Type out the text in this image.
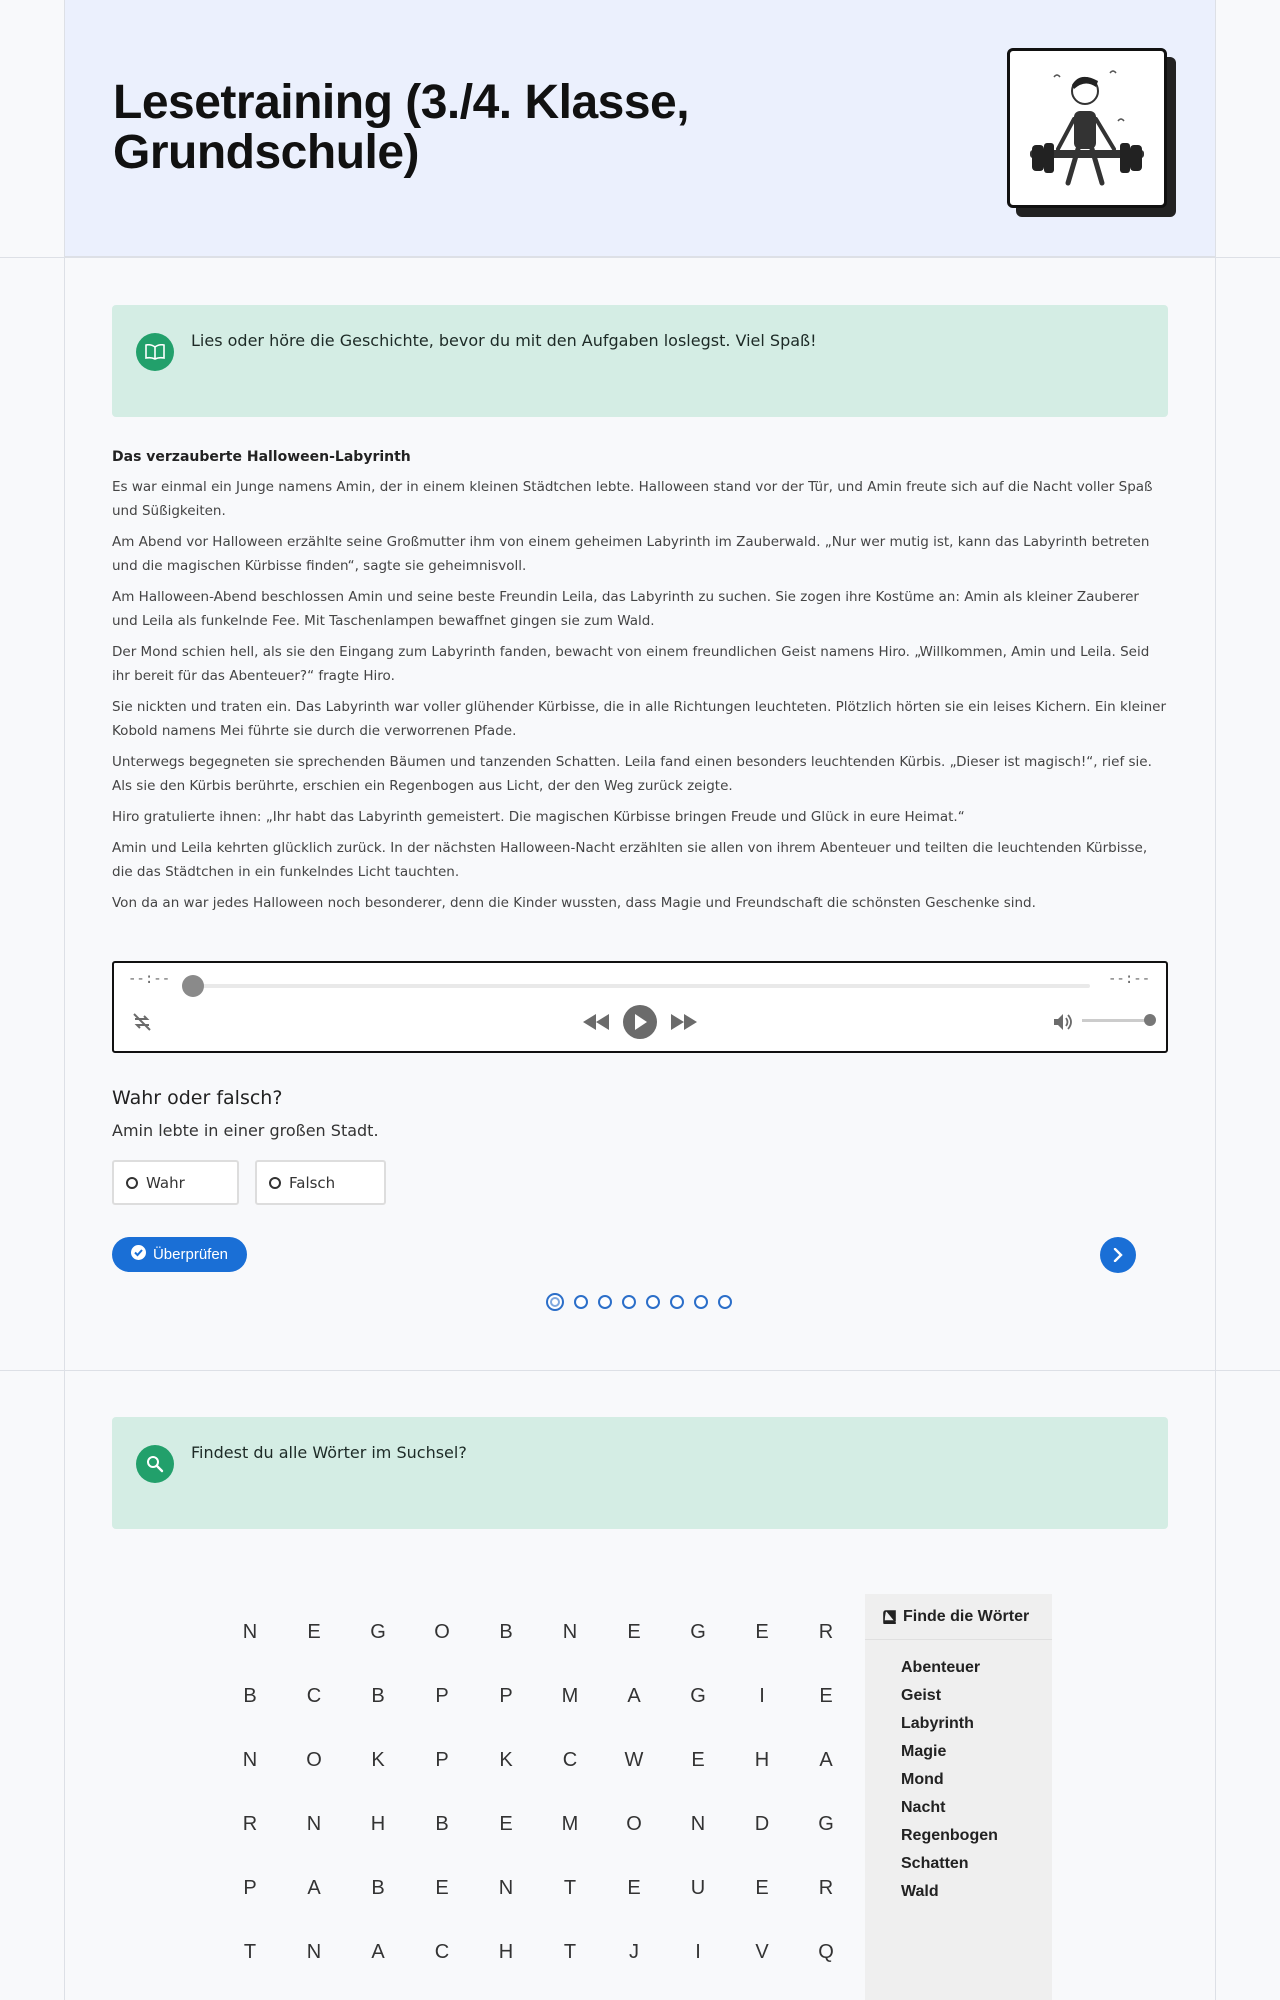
Lesetraining (3./4. Klasse, Grundschule)
Lies oder höre die Geschichte, bevor du mit den Aufgaben loslegst. Viel Spaß!
Das verzauberte Halloween-Labyrinth

Es war einmal ein Junge namens Amin, der in einem kleinen Städtchen lebte. Halloween stand vor der Tür, und Amin freute sich auf die Nacht voller Spaß und Süßigkeiten.

Am Abend vor Halloween erzählte seine Großmutter ihm von einem geheimen Labyrinth im Zauberwald. „Nur wer mutig ist, kann das Labyrinth betreten und die magischen Kürbisse finden“, sagte sie geheimnisvoll.

Am Halloween-Abend beschlossen Amin und seine beste Freundin Leila, das Labyrinth zu suchen. Sie zogen ihre Kostüme an: Amin als kleiner Zauberer und Leila als funkelnde Fee. Mit Taschenlampen bewaffnet gingen sie zum Wald.

Der Mond schien hell, als sie den Eingang zum Labyrinth fanden, bewacht von einem freundlichen Geist namens Hiro. „Willkommen, Amin und Leila. Seid ihr bereit für das Abenteuer?“ fragte Hiro.

Sie nickten und traten ein. Das Labyrinth war voller glühender Kürbisse, die in alle Richtungen leuchteten. Plötzlich hörten sie ein leises Kichern. Ein kleiner Kobold namens Mei führte sie durch die verworrenen Pfade.

Unterwegs begegneten sie sprechenden Bäumen und tanzenden Schatten. Leila fand einen besonders leuchtenden Kürbis. „Dieser ist magisch!“, rief sie. Als sie den Kürbis berührte, erschien ein Regenbogen aus Licht, der den Weg zurück zeigte.

Hiro gratulierte ihnen: „Ihr habt das Labyrinth gemeistert. Die magischen Kürbisse bringen Freude und Glück in eure Heimat.“

Amin und Leila kehrten glücklich zurück. In der nächsten Halloween-Nacht erzählten sie allen von ihrem Abenteuer und teilten die leuchtenden Kürbisse, die das Städtchen in ein funkelndes Licht tauchten.

Von da an war jedes Halloween noch besonderer, denn die Kinder wussten, dass Magie und Freundschaft die schönsten Geschenke sind.

--:--	--:--
Wahr oder falsch?
Amin lebte in einer großen Stadt.
Wahr	Falsch
Überprüfen
Findest du alle Wörter im Suchsel?
N	E	G	O	B	N	E	G	E	R
B	C	B	P	P	M	A	G	I	E
N	O	K	P	K	C	W	E	H	A
R	N	H	B	E	M	O	N	D	G
P	A	B	E	N	T	E	U	E	R
T	N	A	C	H	T	J	I	V	Q
Finde die Wörter
Abenteuer
Geist
Labyrinth
Magie
Mond
Nacht
Regenbogen
Schatten
Wald
